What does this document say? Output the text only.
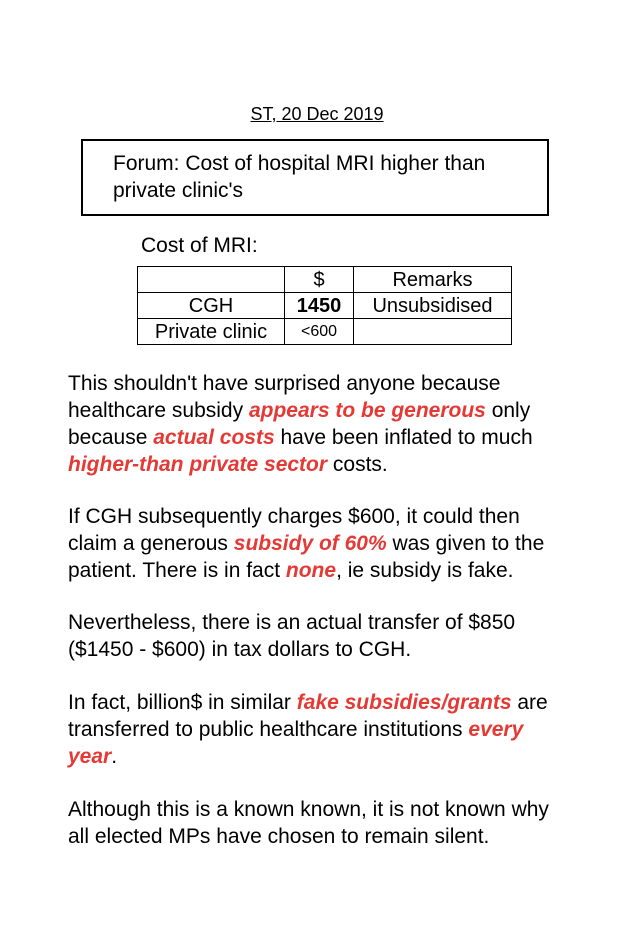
ST, 20 Dec 2019
Forum: Cost of hospital MRI higher than
private clinic's
Cost of MRI:
	$	Remarks
CGH	1450	Unsubsidised
Private clinic	<600	

This shouldn't have surprised anyone because
healthcare subsidy appears to be generous only
because actual costs have been inflated to much
higher-than private sector costs.

If CGH subsequently charges $600, it could then
claim a generous subsidy of 60% was given to the
patient. There is in fact none, ie subsidy is fake.

Nevertheless, there is an actual transfer of $850
($1450 - $600) in tax dollars to CGH.

In fact, billion$ in similar fake subsidies/grants are
transferred to public healthcare institutions every
year.

Although this is a known known, it is not known why
all elected MPs have chosen to remain silent.
